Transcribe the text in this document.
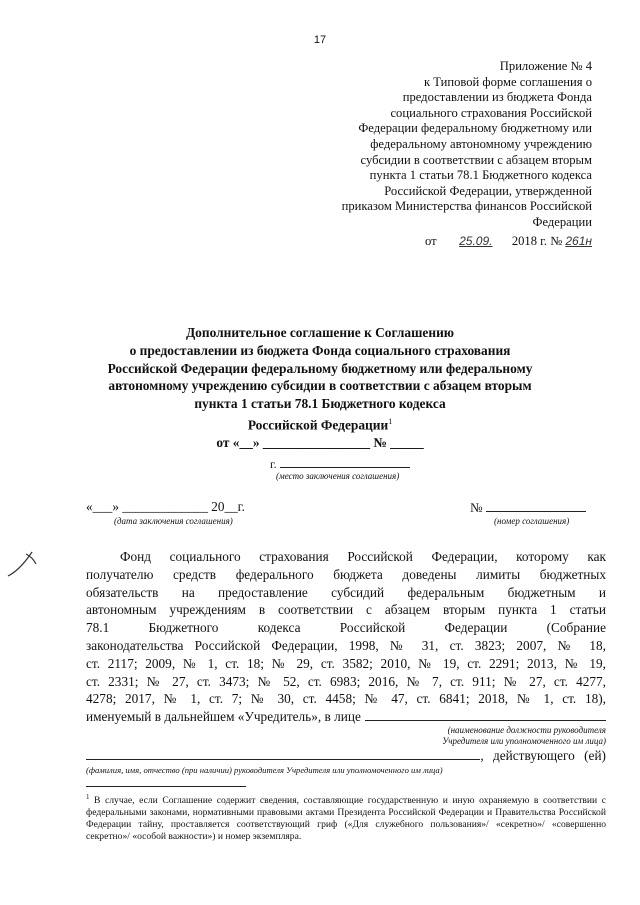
17
Приложение № 4
к Типовой форме соглашения о
предоставлении из бюджета Фонда
социального страхования Российской
Федерации федеральному бюджетному или
федеральному автономному учреждению
субсидии в соответствии с абзацем вторым
пункта 1 статьи 78.1 Бюджетного кодекса
Российской Федерации, утвержденной
приказом Министерства финансов Российской
Федерации
от 25.09. 2018 г. № 261н
Дополнительное соглашение к Соглашению
о предоставлении из бюджета Фонда социального страхования
Российской Федерации федеральному бюджетному или федеральному
автономному учреждению субсидии в соответствии с абзацем вторым
пункта 1 статьи 78.1 Бюджетного кодекса
Российской Федерации$^1$
от «__» ________________ № _____
г.
(место заключения соглашения)
«___» _____________ 20__г.
(дата заключения соглашения)
№
(номер соглашения)
Фонд социального страхования Российской Федерации, которому как
получателю средств федерального бюджета доведены лимиты бюджетных
обязательств на предоставление субсидий федеральным бюджетным и
автономным учреждениям в соответствии с абзацем вторым пункта 1 статьи
78.1 Бюджетного кодекса Российской Федерации (Собрание
законодательства Российской Федерации, 1998, № 31, ст. 3823; 2007, № 18,
ст. 2117; 2009, № 1, ст. 18; № 29, ст. 3582; 2010, № 19, ст. 2291; 2013, № 19,
ст. 2331; № 27, ст. 3473; № 52, ст. 6983; 2016, № 7, ст. 911; № 27, ст. 4277,
4278; 2017, № 1, ст. 7; № 30, ст. 4458; № 47, ст. 6841; 2018, № 1, ст. 18),
именуемый в дальнейшем «Учредитель», в лице
(наименование должности руководителя
Учредителя или уполномоченного им лица)
, действующего (ей)
(фамилия, имя, отчество (при наличии) руководителя Учредителя или уполномоченного им лица)
$^1$ В случае, если Соглашение содержит сведения, составляющие государственную и иную охраняемую в соответствии с федеральными законами, нормативными правовыми актами Президента Российской Федерации и Правительства Российской Федерации тайну, проставляется соответствующий гриф («Для служебного пользования»/ «секретно»/ «совершенно секретно»/ «особой важности») и номер экземпляра.
